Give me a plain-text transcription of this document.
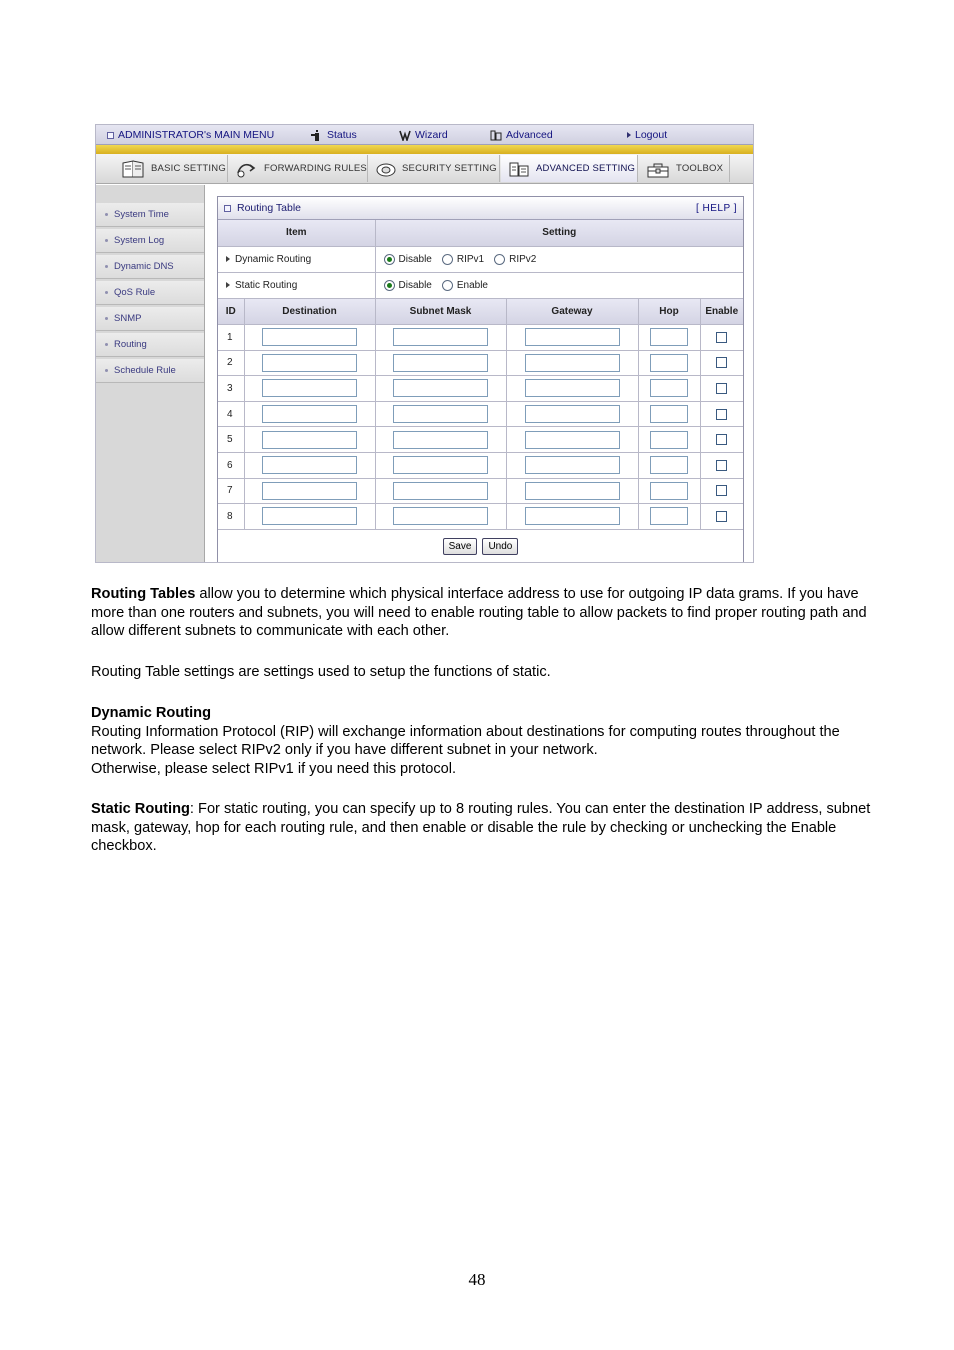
ADMINISTRATOR's MAIN MENU	Status	Wizard	Advanced	Logout
BASIC SETTING	FORWARDING RULES	SECURITY SETTING	ADVANCED SETTING	TOOLBOX
System Time
System Log
Dynamic DNS
QoS Rule
SNMP
Routing
Schedule Rule
Routing Table	[ HELP ]
Item	Setting

Dynamic Routing	Disable RIPv1 RIPv2

Static Routing	Disable Enable
ID	Destination	Subnet Mask	Gateway	Hop	Enable
1	

2	

3	

4	

5	

6	

7	

8	

Save	Undo

Routing Tables allow you to determine which physical interface address to use for outgoing IP data grams. If you have more than one routers and subnets, you will need to enable routing table to allow packets to find proper routing path and allow different subnets to communicate with each other.

Routing Table settings are settings used to setup the functions of static.

Dynamic Routing
Routing Information Protocol (RIP) will exchange information about destinations for computing routes throughout the network. Please select RIPv2 only if you have different subnet in your network.
Otherwise, please select RIPv1 if you need this protocol.

Static Routing: For static routing, you can specify up to 8 routing rules. You can enter the destination IP address, subnet mask, gateway, hop for each routing rule, and then enable or disable the rule by checking or unchecking the Enable checkbox.

48
